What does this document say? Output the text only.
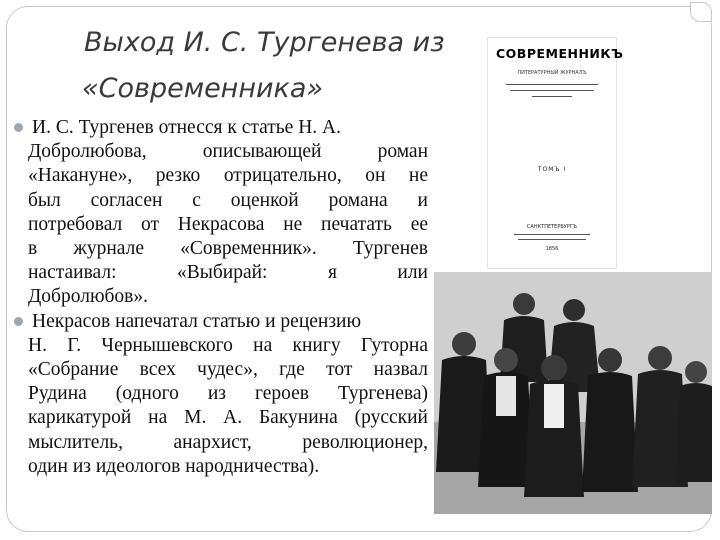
Выход И. С. Тургенева из
«Современника»
И. С. Тургенев отнесся к статье Н. А.
Добролюбова, описывающей роман
«Накануне», резко отрицательно, он не
был согласен с оценкой романа и
потребовал от Некрасова не печатать ее
в журнале «Современник». Тургенев
настаивал: «Выбирай: я или
Добролюбов».
Некрасов напечатал статью и рецензию
Н. Г. Чернышевского на книгу Гуторна
«Собрание всех чудес», где тот назвал
Рудина (одного из героев Тургенева)
карикатурой на М. А. Бакунина (русский
мыслитель, анархист, революционер,
один из идеологов народничества).
СОВРЕМЕННИКЪ
ЛИТЕРАТУРНЫЙ ЖУРНАЛЪ
ТОМЪ I
САНКТПЕТЕРБУРГЪ
1856
